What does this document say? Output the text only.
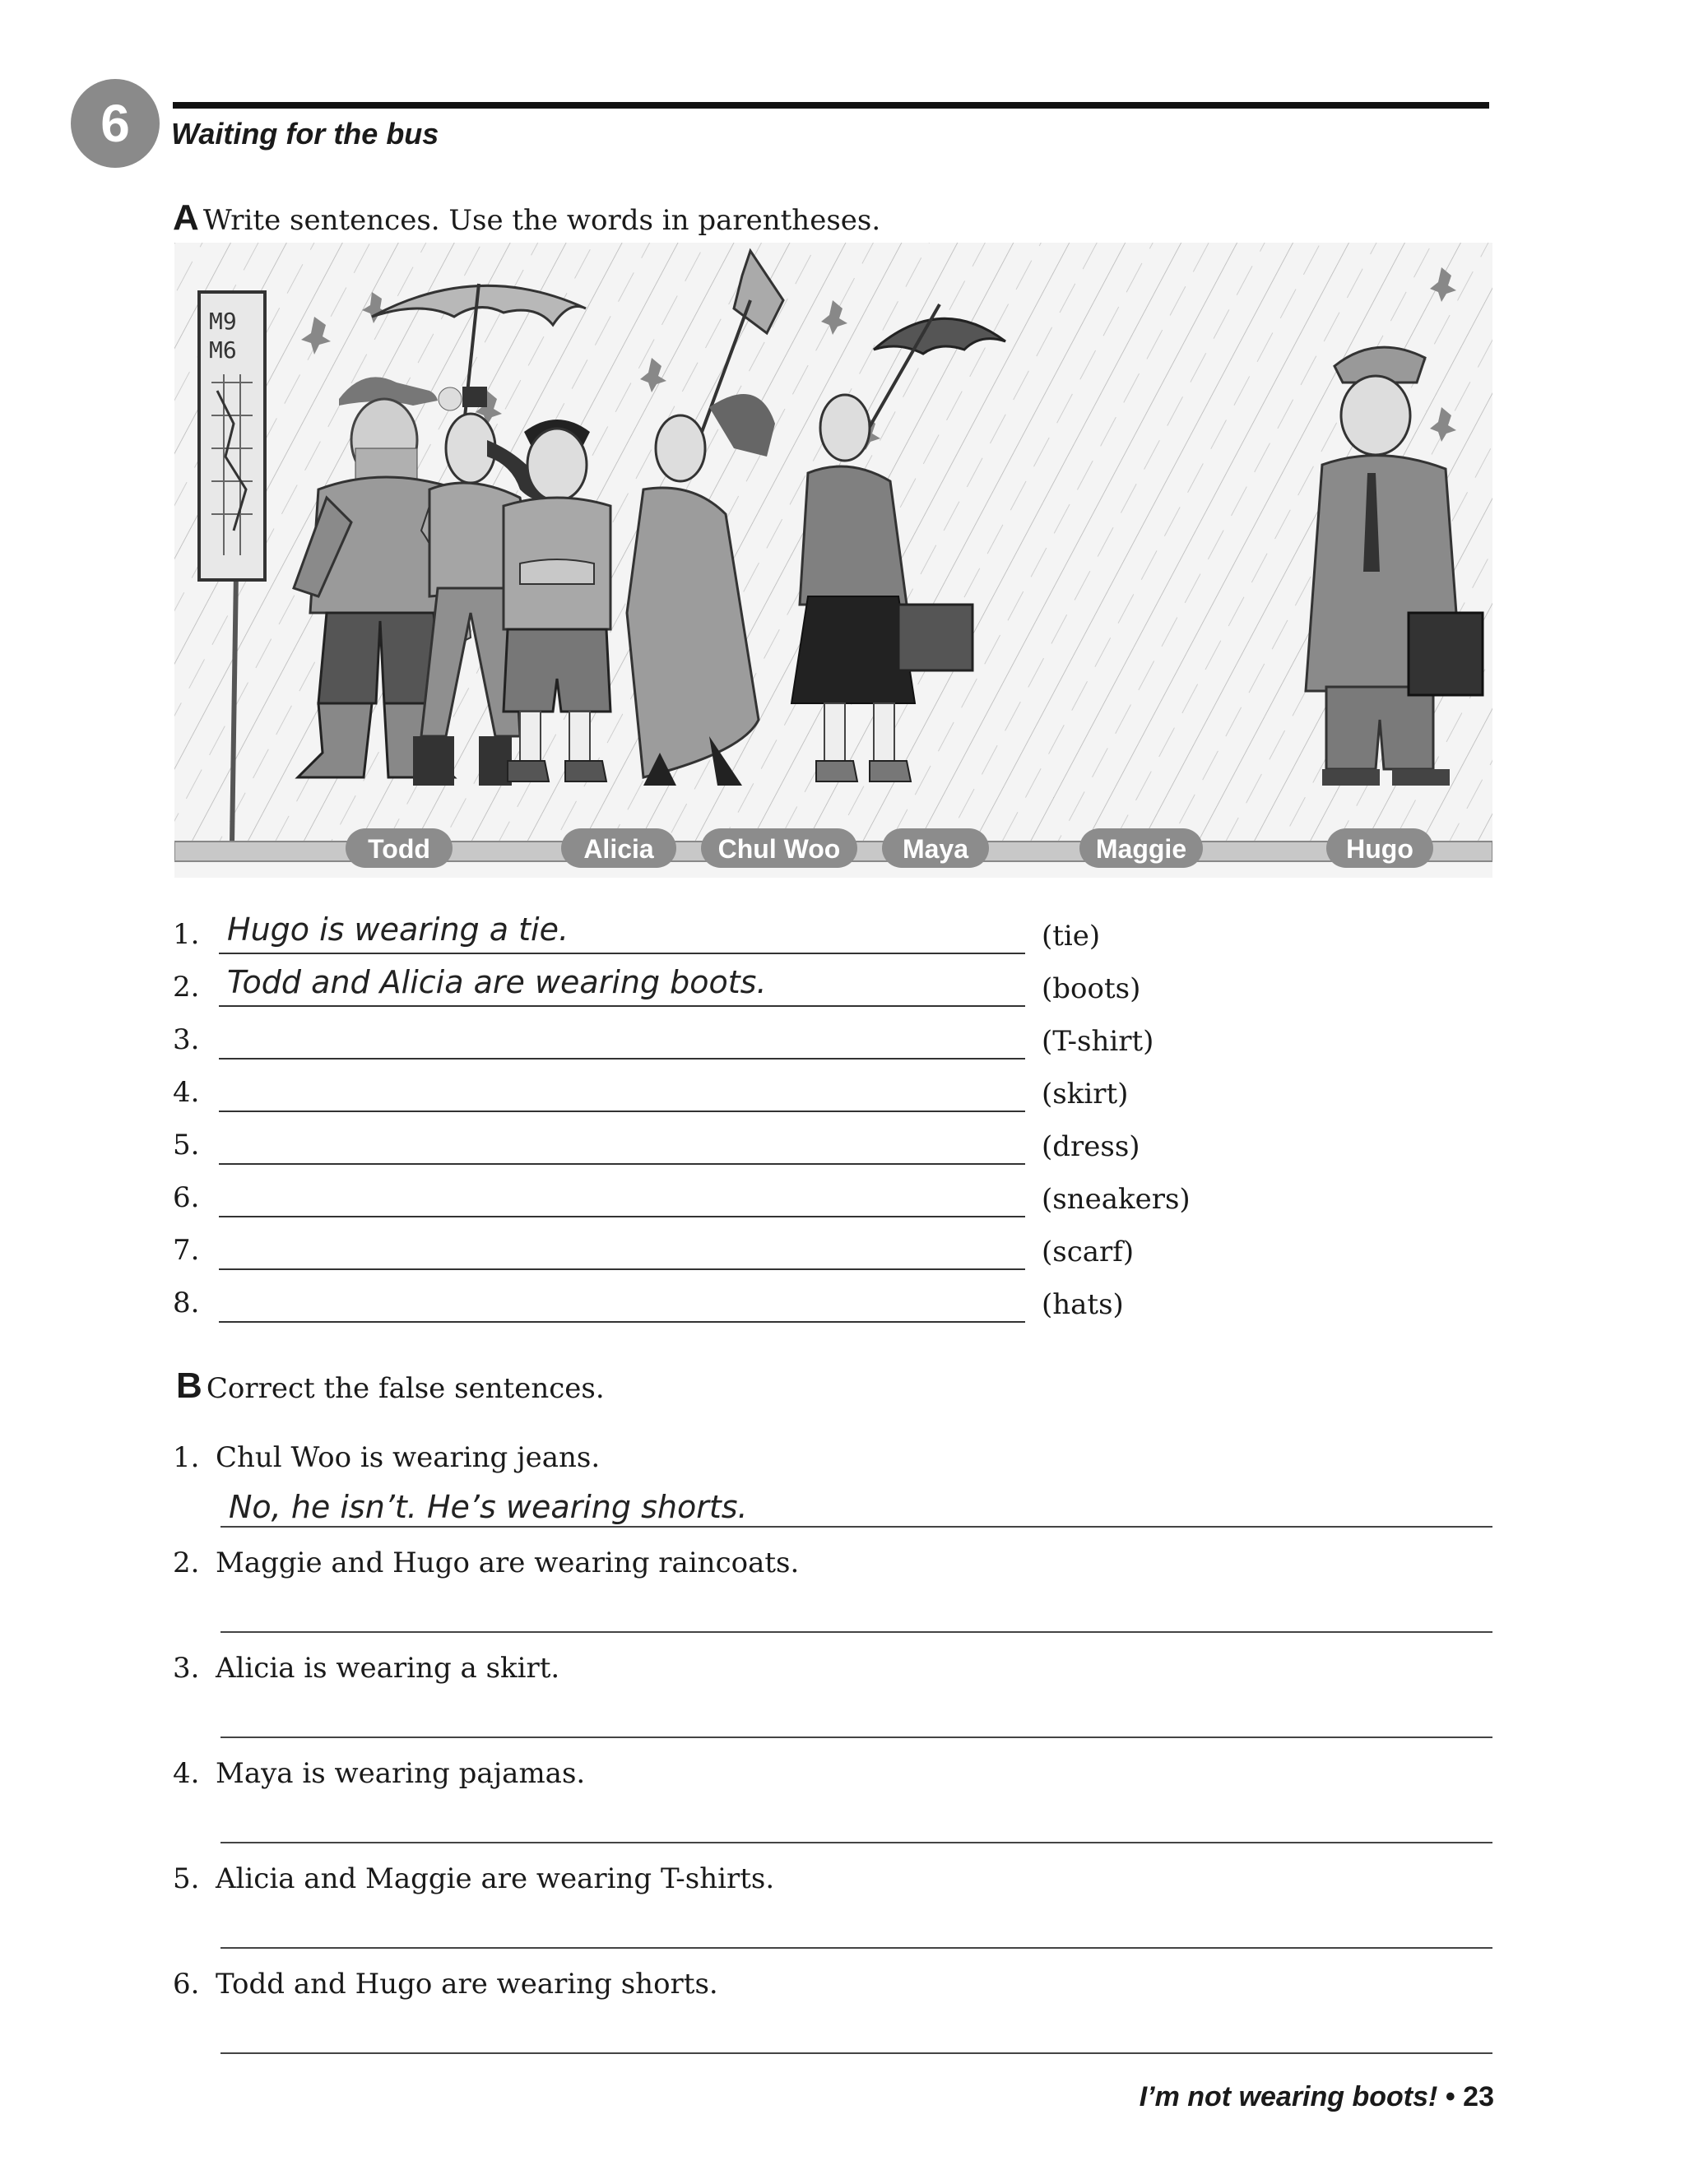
6	Waiting for the bus
A Write sentences. Use the words in parentheses.
M9
M6
Todd	Alicia Chul Woo Maya	Maggie	Hugo
1. Hugo is wearing a tie.	(tie)
2. Todd and Alicia are wearing boots.	(boots)
3.	(T-shirt)
4.	(skirt)
5.	(dress)
6.	(sneakers)
7.	(scarf)
8.	(hats)
B Correct the false sentences.
1. Chul Woo is wearing jeans.
No, he isn’t. He’s wearing shorts.
2. Maggie and Hugo are wearing raincoats.
3. Alicia is wearing a skirt.
4. Maya is wearing pajamas.
5. Alicia and Maggie are wearing T-shirts.
6. Todd and Hugo are wearing shorts.
I’m not wearing boots! • 23
